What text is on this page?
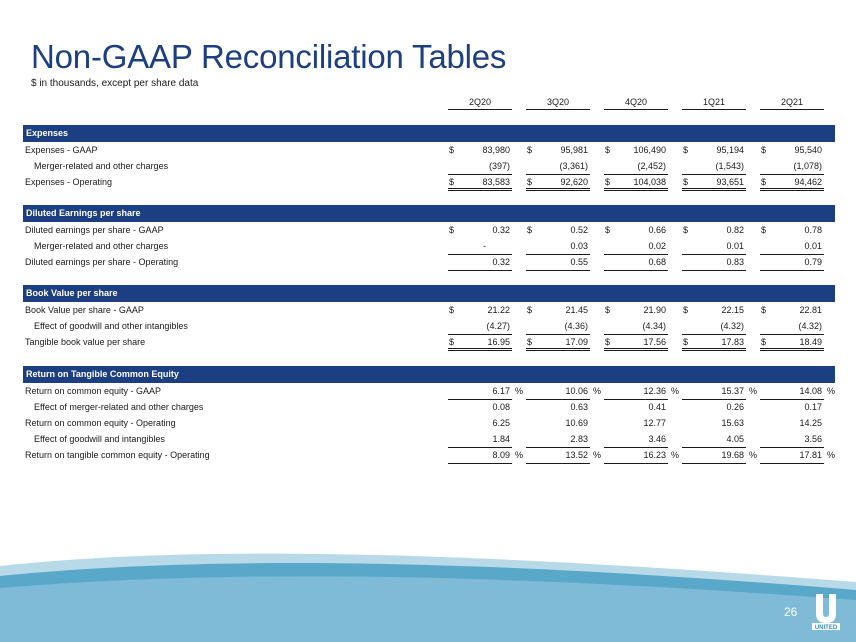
Non-GAAP Reconciliation Tables
$ in thousands, except per share data
Expenses
Expenses - GAAP	$	83,980 $	95,981 $	106,490 $	95,194 $	95,540
Merger-related and other charges	(397)	(3,361)	(2,452)	(1,543)	(1,078)
Expenses - Operating	$	83,583 $	92,620 $	104,038 $	93,651 $	94,462
Diluted Earnings per share
Diluted earnings per share - GAAP	$	0.32 $	0.52 $	0.66 $	0.82 $	0.78
Merger-related and other charges	-	0.03	0.02	0.01	0.01
Diluted earnings per share - Operating	0.32	0.55	0.68	0.83	0.79
Book Value per share
Book Value per share - GAAP	$	21.22 $	21.45 $	21.90 $	22.15 $	22.81
Effect of goodwill and other intangibles	(4.27)	(4.36)	(4.34)	(4.32)	(4.32)
Tangible book value per share	$	16.95 $	17.09 $	17.56 $	17.83 $	18.49
Return on Tangible Common Equity
Return on common equity - GAAP	6.17 %	10.06 %	12.36 %	15.37 %	14.08 %
Effect of merger-related and other charges	0.08	0.63	0.41	0.26	0.17
Return on common equity - Operating	6.25	10.69	12.77	15.63	14.25
Effect of goodwill and intangibles	1.84	2.83	3.46	4.05	3.56
Return on tangible common equity - Operating	8.09 %	13.52 %	16.23 %	19.68 %	17.81 %
26
UNITED
2Q20	3Q20	4Q20	1Q21	2Q21
